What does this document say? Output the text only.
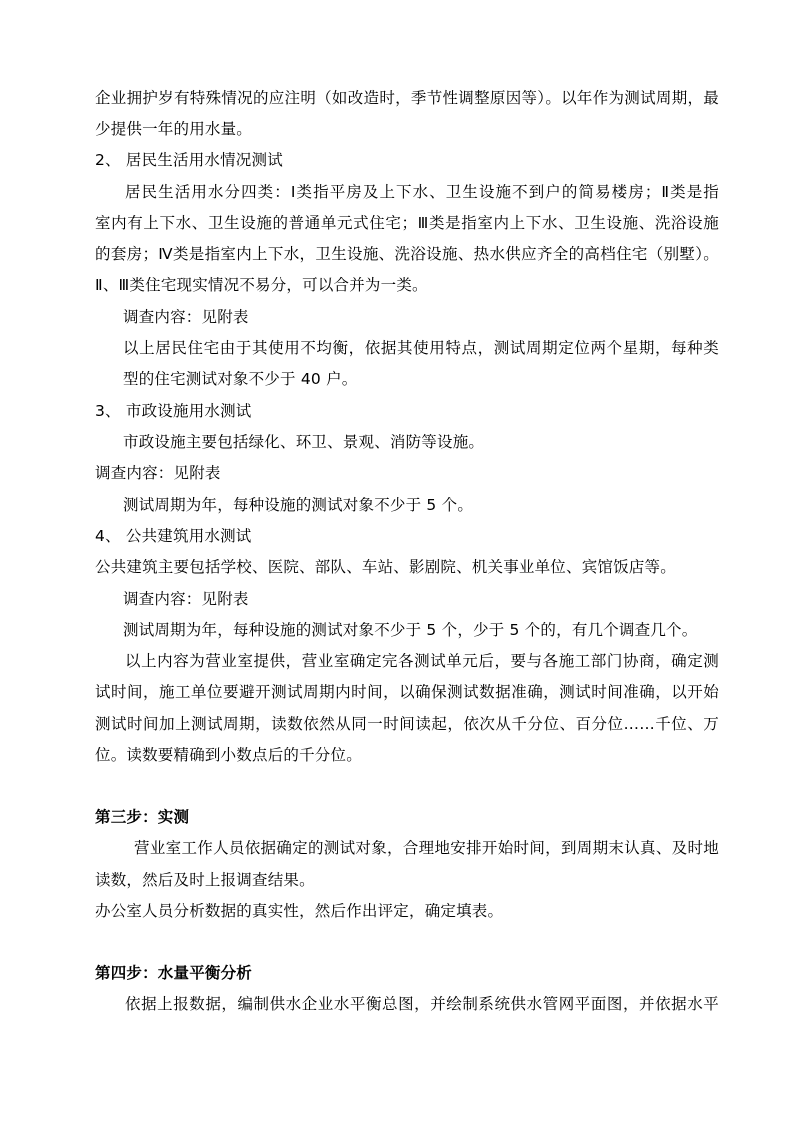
企业拥护岁有特殊情况的应注明（如改造时，季节性调整原因等）。以年作为测试周期，最
少提供一年的用水量。
2、 居民生活用水情况测试
居民生活用水分四类：Ⅰ类指平房及上下水、卫生设施不到户的简易楼房；Ⅱ类是指
室内有上下水、卫生设施的普通单元式住宅；Ⅲ类是指室内上下水、卫生设施、洗浴设施
的套房；Ⅳ类是指室内上下水，卫生设施、洗浴设施、热水供应齐全的高档住宅（别墅）。
Ⅱ、Ⅲ类住宅现实情况不易分，可以合并为一类。
调查内容：见附表
以上居民住宅由于其使用不均衡，依据其使用特点，测试周期定位两个星期，每种类
型的住宅测试对象不少于 40 户。
3、 市政设施用水测试
市政设施主要包括绿化、环卫、景观、消防等设施。
调查内容：见附表
测试周期为年，每种设施的测试对象不少于 5 个。
4、 公共建筑用水测试
公共建筑主要包括学校、医院、部队、车站、影剧院、机关事业单位、宾馆饭店等。
调查内容：见附表
测试周期为年，每种设施的测试对象不少于 5 个，少于 5 个的，有几个调查几个。
以上内容为营业室提供，营业室确定完各测试单元后，要与各施工部门协商，确定测
试时间，施工单位要避开测试周期内时间，以确保测试数据准确，测试时间准确，以开始
测试时间加上测试周期，读数依然从同一时间读起，依次从千分位、百分位……千位、万
位。读数要精确到小数点后的千分位。
第三步：实测
营业室工作人员依据确定的测试对象，合理地安排开始时间，到周期末认真、及时地
读数，然后及时上报调查结果。
办公室人员分析数据的真实性，然后作出评定，确定填表。
第四步：水量平衡分析
依据上报数据，编制供水企业水平衡总图，并绘制系统供水管网平面图，并依据水平
